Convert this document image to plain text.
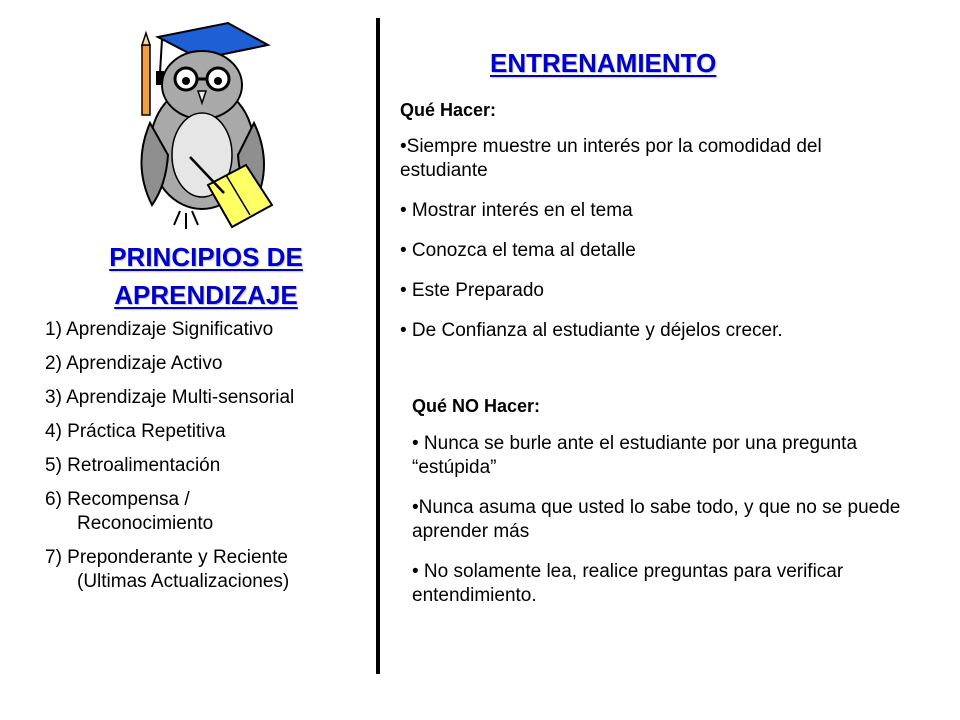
PRINCIPIOS DE
APRENDIZAJE
1) Aprendizaje Significativo
2) Aprendizaje Activo
3) Aprendizaje Multi-sensorial
4) Práctica Repetitiva
5) Retroalimentación
6) Recompensa /
Reconocimiento
7) Preponderante y Reciente
(Ultimas Actualizaciones)
ENTRENAMIENTO
Qué Hacer:
•Siempre muestre un interés por la comodidad del estudiante
• Mostrar interés en el tema
• Conozca el tema al detalle
• Este Preparado
• De Confianza al estudiante y déjelos crecer.
Qué NO Hacer:
• Nunca se burle ante el estudiante por una pregunta “estúpida”
•Nunca asuma que usted lo sabe todo, y que no se puede aprender más
• No solamente lea, realice preguntas para verificar entendimiento.
